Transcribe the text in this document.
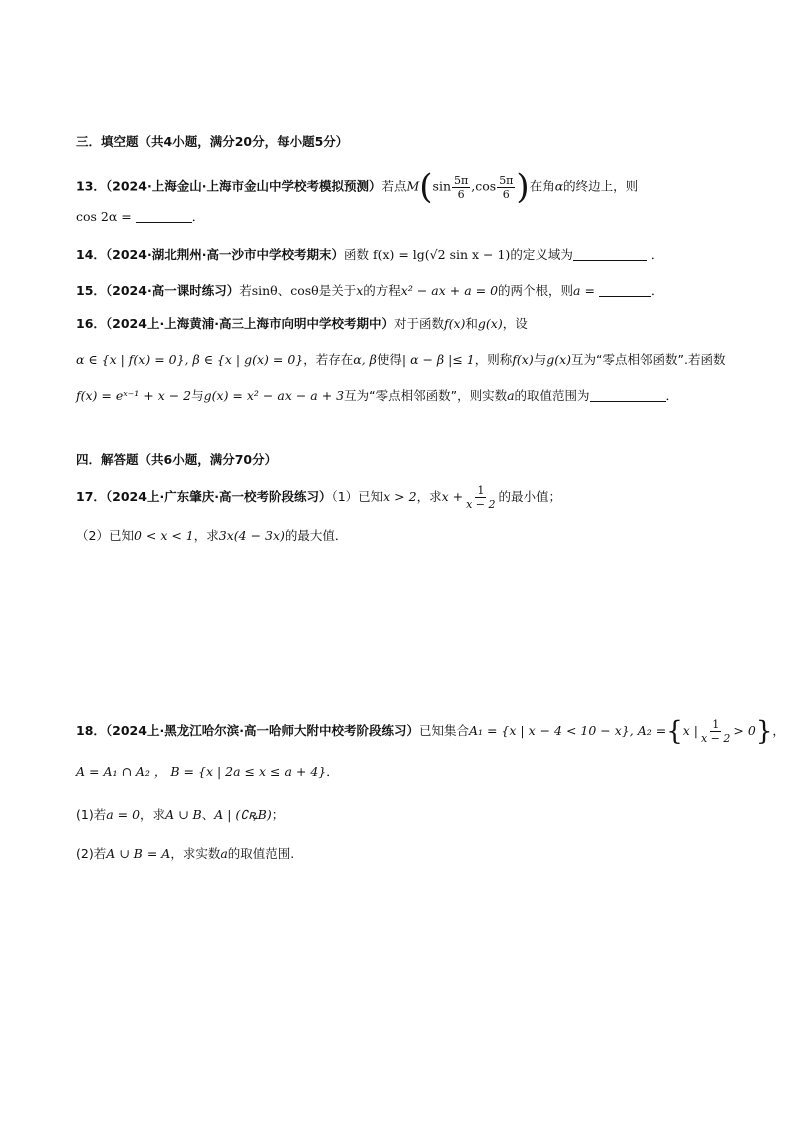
三．填空题（共4小题，满分20分，每小题5分）
13．（2024·上海金山·上海市金山中学校考模拟预测）若点$M(\sin \frac{5\pi}{6} ,\cos \frac{5\pi}{6}$ )在角α的终边上，则
cos 2α =	．
14．（2024·湖北荆州·高一沙市中学校考期末）函数 f(x) = lg(√2 sin x − 1)的定义域为	．
15．（2024·高一课时练习）若sinθ、cosθ是关于x的方程x² − ax + a = 0的两个根，则a =	．
16．（2024上·上海黄浦·高三上海市向明中学校考期中）对于函数f(x)和g(x)，设
α ∈ {x | f(x) = 0}, β ∈ {x | g(x) = 0}，若存在α, β使得| α − β |≤ 1，则称f(x)与g(x)互为“零点相邻函数”.若函数
f(x) = eˣ⁻¹ + x − 2与g(x) = x² − ax − a + 3互为“零点相邻函数”，则实数a的取值范围为	．
四．解答题（共6小题，满分70分）
17．（2024上·广东肇庆·高一校考阶段练习）（1）已知x > 2，求$x + \frac{1}{x - 2}$ 的最小值；
（2）已知0 < x < 1，求3x(4 − 3x)的最大值．
18．（2024上·黑龙江哈尔滨·高一哈师大附中校考阶段练习）已知集合A₁ = {x | x − 4 < 10 − x}, A₂ ={x | $\frac{1}{x - 2} > 0$}，
A = A₁ ∩ A₂ ， B = {x | 2a ≤ x ≤ a + 4}．
(1)若a = 0，求A ∪ B、A | (∁ꝶB)；
(2)若A ∪ B = A，求实数a的取值范围.
